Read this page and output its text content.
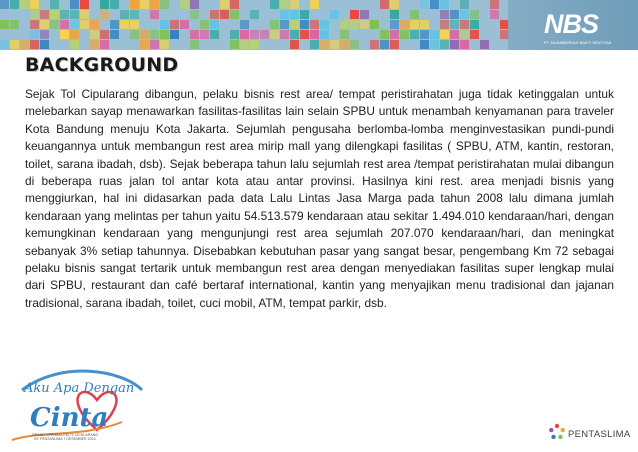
NBS
PT. NUSABERKAH BAKTI SENTOSA
BACKGROUND

Sejak Tol Cipularang dibangun, pelaku bisnis rest area/ tempat peristirahatan juga tidak ketinggalan untuk melebarkan sayap menawarkan fasilitas-fasilitas lain selain SPBU untuk menambah kenyamanan para traveler Kota Bandung menuju Kota Jakarta. Sejumlah pengusaha berlomba-lomba menginvestasikan pundi-pundi keuangannya untuk membangun rest area mirip mall yang dilengkapi fasilitas ( SPBU, ATM, kantin, restoran, toilet, sarana ibadah, dsb). Sejak beberapa tahun lalu sejumlah rest area /tempat peristirahatan mulai dibangun di beberapa ruas jalan tol antar kota atau antar provinsi. Hasilnya kini rest. area menjadi bisnis yang menggiurkan, hal ini didasarkan pada data Lalu Lintas Jasa Marga pada tahun 2008 lalu dimana jumlah kendaraan yang melintas per tahun yaitu 54.513.579 kendaraan atau sekitar 1.494.010 kendaraan/hari, dengan kemungkinan kendaraan yang mengunjungi rest area sejumlah 207.070 kendaraan/hari, dan meningkat sebanyak 3% setiap tahunnya. Disebabkan kebutuhan pasar yang sangat besar, pengembang Km 72 sebagai pelaku bisnis sangat tertarik untuk membangun rest area dengan menyediakan fasilitas super lengkap mulai dari SPBU, restaurant dan café bertaraf international, kantin yang menyajikan menu tradisional dan jajanan tradisional, sarana ibadah, toilet, cuci mobil, ATM, tempat parkir, dsb.

Aku Apa Dengan
Cinta
GRAND OPENING KM.72 CIPULARANG BY PENTASLIMA 7 DESEMBER 2014	PENTASLIMA
